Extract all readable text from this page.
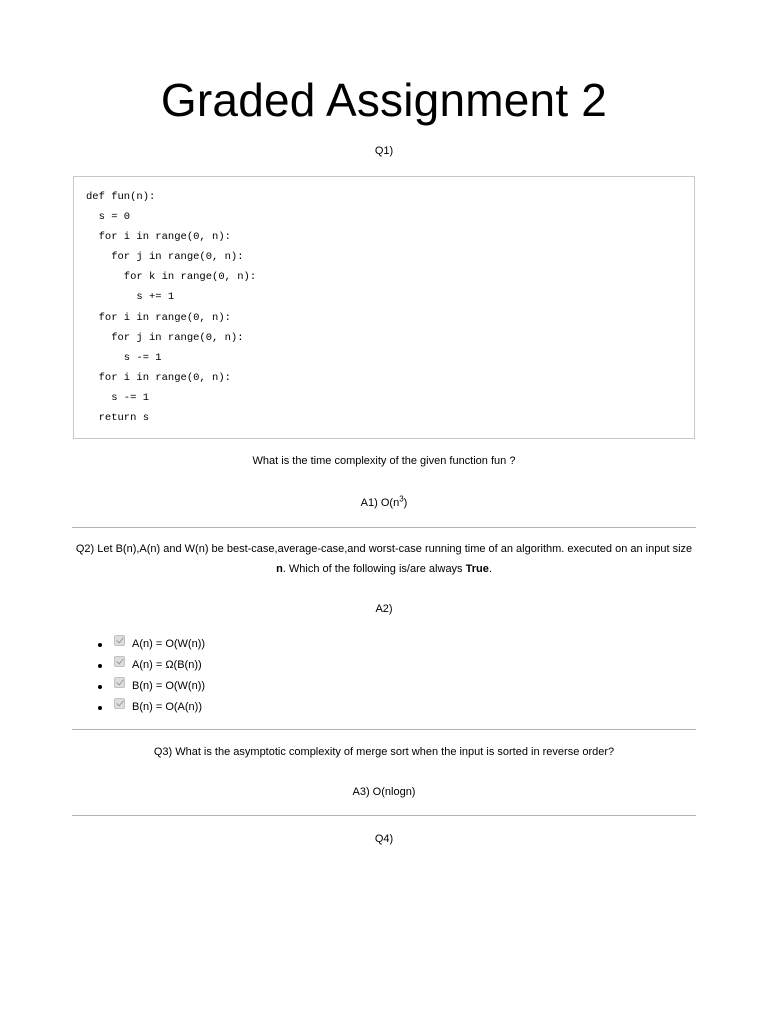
Graded Assignment 2
Q1)
def fun(n):
s = 0
for i in range(0, n):
for j in range(0, n):
for k in range(0, n):
s += 1
for i in range(0, n):
for j in range(0, n):
s -= 1
for i in range(0, n):
s -= 1
return s
What is the time complexity of the given function fun ?
A1) $O(n^3)$
Q2) Let B(n),A(n) and W(n) be best-case,average-case,and worst-case running time of an algorithm. executed on an input size n. Which of the following is/are always True.
A2)
A(n) = O(W(n))
A(n) = Ω(B(n))
B(n) = O(W(n))
B(n) = O(A(n))
Q3) What is the asymptotic complexity of merge sort when the input is sorted in reverse order?
A3) O(nlogn)
Q4)
